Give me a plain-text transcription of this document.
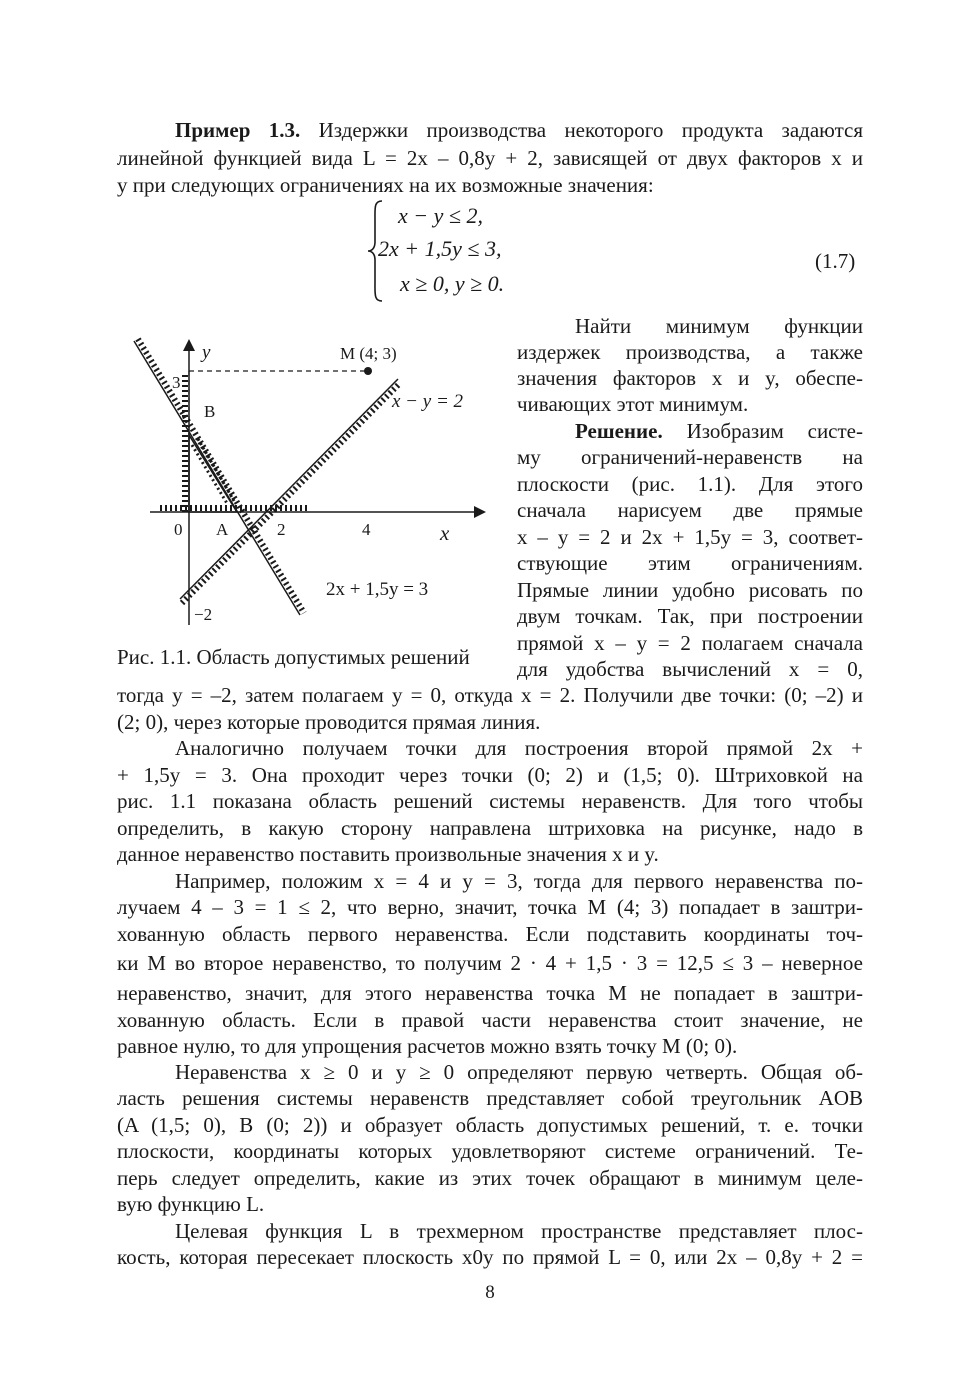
Пример 1.3. Издержки производства некоторого продукта задаются
линейной функцией вида L = 2x – 0,8y + 2, зависящей от двух факторов x и
y при следующих ограничениях на их возможные значения:
x − y ≤ 2,
2x + 1,5y ≤ 3,
x ≥ 0, y ≥ 0.
(1.7)
y	M (4; 3)
x − y = 2
2x + 1,5y = 3
B
A
0
3
2	4	x
−2
Рис. 1.1. Область допустимых решений
Найти минимум функции
издержек производства, а также
значения факторов x и y, обеспе-
чивающих этот минимум.
Решение. Изобразим систе-
му ограничений-неравенств на
плоскости (рис. 1.1). Для этого
сначала нарисуем две прямые
x – y = 2 и 2x + 1,5y = 3, соответ-
ствующие этим ограничениям.
Прямые линии удобно рисовать по
двум точкам. Так, при построении
прямой x – y = 2 полагаем сначала
для удобства вычислений x = 0,
тогда y = –2, затем полагаем y = 0, откуда x = 2. Получили две точки: (0; –2) и
(2; 0), через которые проводится прямая линия.
Аналогично получаем точки для построения второй прямой 2x +
+ 1,5y = 3. Она проходит через точки (0; 2) и (1,5; 0). Штриховкой на
рис. 1.1 показана область решений системы неравенств. Для того чтобы
определить, в какую сторону направлена штриховка на рисунке, надо в
данное неравенство поставить произвольные значения x и y.
Например, положим x = 4 и y = 3, тогда для первого неравенства по-
лучаем 4 – 3 = 1 ≤ 2, что верно, значит, точка M (4; 3) попадает в заштри-
хованную область первого неравенства. Если подставить координаты точ-
ки M во второе неравенство, то получим 2 · 4 + 1,5 · 3 = 12,5 ≤ 3 – неверное
неравенство, значит, для этого неравенства точка M не попадает в заштри-
хованную область. Если в правой части неравенства стоит значение, не
равное нулю, то для упрощения расчетов можно взять точку M (0; 0).
Неравенства x ≥ 0 и y ≥ 0 определяют первую четверть. Общая об-
ласть решения системы неравенств представляет собой треугольник AOB
(A (1,5; 0), B (0; 2)) и образует область допустимых решений, т. е. точки
плоскости, координаты которых удовлетворяют системе ограничений. Те-
перь следует определить, какие из этих точек обращают в минимум целе-
вую функцию L.
Целевая функция L в трехмерном пространстве представляет плос-
кость, которая пересекает плоскость x0y по прямой L = 0, или 2x – 0,8y + 2 =
8
